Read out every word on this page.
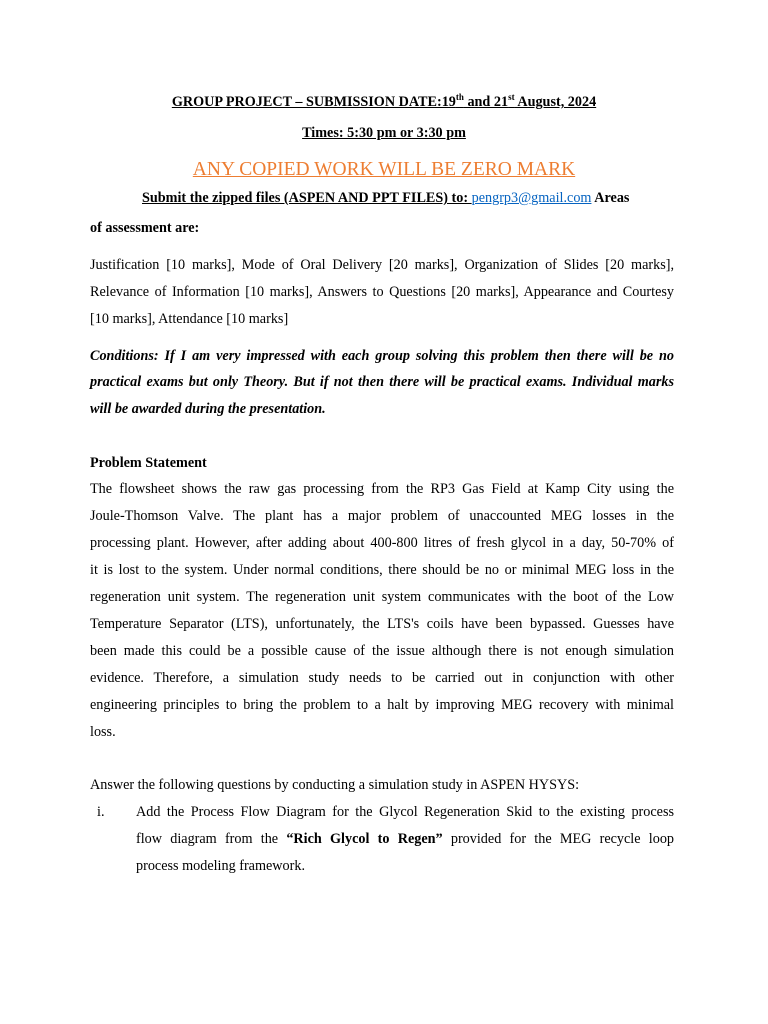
GROUP PROJECT – SUBMISSION DATE:19th and 21st August, 2024
Times: 5:30 pm or 3:30 pm
ANY COPIED WORK WILL BE ZERO MARK
Submit the zipped files (ASPEN AND PPT FILES) to: pengrp3@gmail.com Areas
of assessment are:
Justification [10 marks], Mode of Oral Delivery [20 marks], Organization of Slides [20 marks],
Relevance of Information [10 marks], Answers to Questions [20 marks], Appearance and Courtesy
[10 marks], Attendance [10 marks]
Conditions: If I am very impressed with each group solving this problem then there will be no
practical exams but only Theory. But if not then there will be practical exams. Individual marks
will be awarded during the presentation.
Problem Statement
The flowsheet shows the raw gas processing from the RP3 Gas Field at Kamp City using the
Joule-Thomson Valve. The plant has a major problem of unaccounted MEG losses in the
processing plant. However, after adding about 400-800 litres of fresh glycol in a day, 50-70% of
it is lost to the system. Under normal conditions, there should be no or minimal MEG loss in the
regeneration unit system. The regeneration unit system communicates with the boot of the Low
Temperature Separator (LTS), unfortunately, the LTS's coils have been bypassed. Guesses have
been made this could be a possible cause of the issue although there is not enough simulation
evidence. Therefore, a simulation study needs to be carried out in conjunction with other
engineering principles to bring the problem to a halt by improving MEG recovery with minimal
loss.
Answer the following questions by conducting a simulation study in ASPEN HYSYS:
i. Add the Process Flow Diagram for the Glycol Regeneration Skid to the existing process
flow diagram from the “Rich Glycol to Regen” provided for the MEG recycle loop
process modeling framework.
